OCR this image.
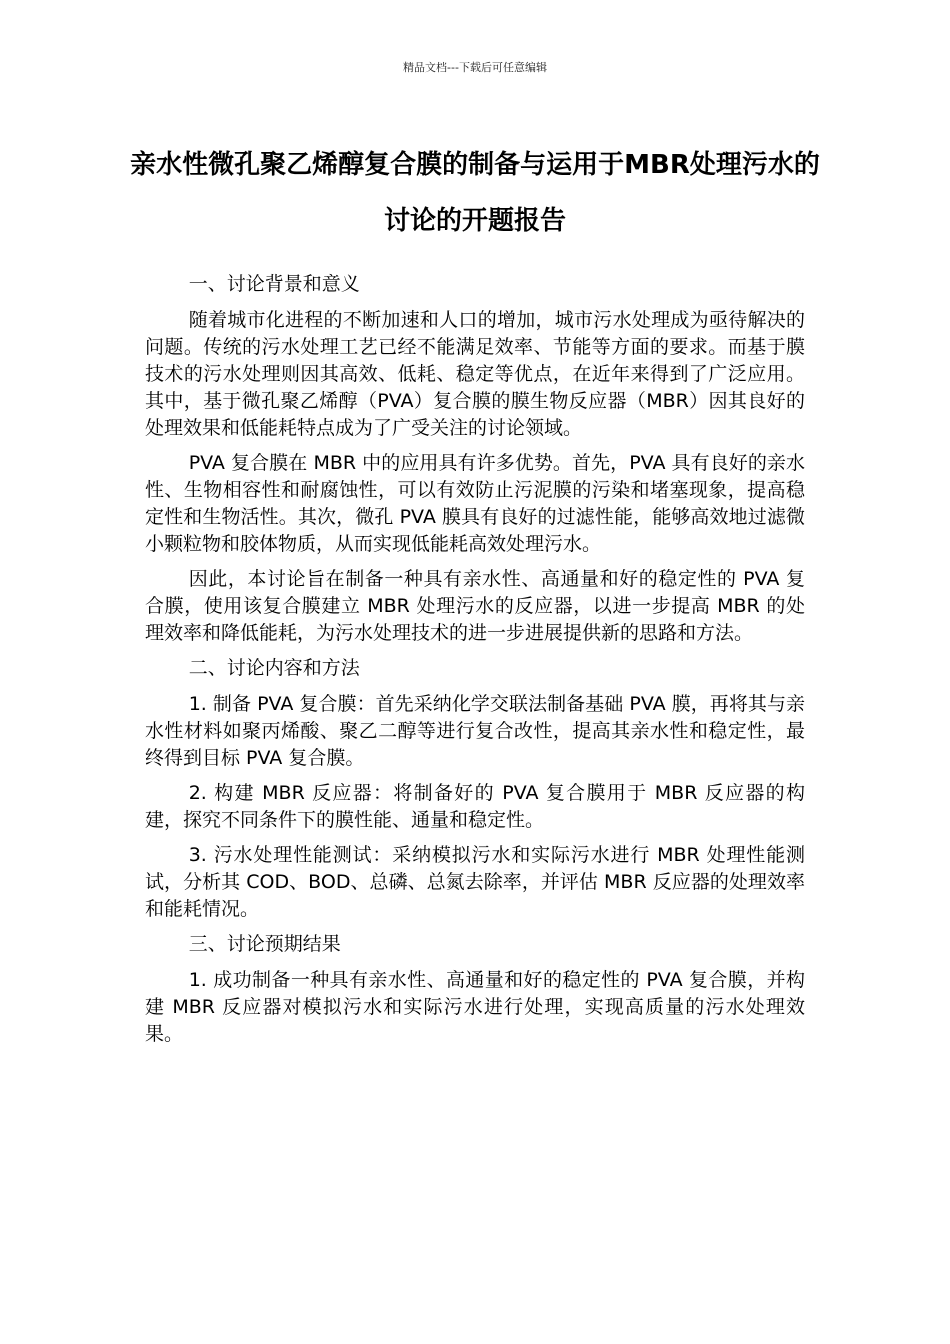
精品文档---下载后可任意编辑
亲水性微孔聚乙烯醇复合膜的制备与运用于MBR处理污水的讨论的开题报告

一、讨论背景和意义

随着城市化进程的不断加速和人口的增加，城市污水处理成为亟待解决的问题。传统的污水处理工艺已经不能满足效率、节能等方面的要求。而基于膜技术的污水处理则因其高效、低耗、稳定等优点，在近年来得到了广泛应用。其中，基于微孔聚乙烯醇（PVA）复合膜的膜生物反应器（MBR）因其良好的处理效果和低能耗特点成为了广受关注的讨论领域。

PVA 复合膜在 MBR 中的应用具有许多优势。首先，PVA 具有良好的亲水性、生物相容性和耐腐蚀性，可以有效防止污泥膜的污染和堵塞现象，提高稳定性和生物活性。其次，微孔 PVA 膜具有良好的过滤性能，能够高效地过滤微小颗粒物和胶体物质，从而实现低能耗高效处理污水。

因此，本讨论旨在制备一种具有亲水性、高通量和好的稳定性的 PVA 复合膜，使用该复合膜建立 MBR 处理污水的反应器，以进一步提高 MBR 的处理效率和降低能耗，为污水处理技术的进一步进展提供新的思路和方法。

二、讨论内容和方法

1. 制备 PVA 复合膜：首先采纳化学交联法制备基础 PVA 膜，再将其与亲水性材料如聚丙烯酸、聚乙二醇等进行复合改性，提高其亲水性和稳定性，最终得到目标 PVA 复合膜。

2. 构建 MBR 反应器：将制备好的 PVA 复合膜用于 MBR 反应器的构建，探究不同条件下的膜性能、通量和稳定性。

3. 污水处理性能测试：采纳模拟污水和实际污水进行 MBR 处理性能测试，分析其 COD、BOD、总磷、总氮去除率，并评估 MBR 反应器的处理效率和能耗情况。

三、讨论预期结果

1. 成功制备一种具有亲水性、高通量和好的稳定性的 PVA 复合膜，并构建 MBR 反应器对模拟污水和实际污水进行处理，实现高质量的污水处理效果。
